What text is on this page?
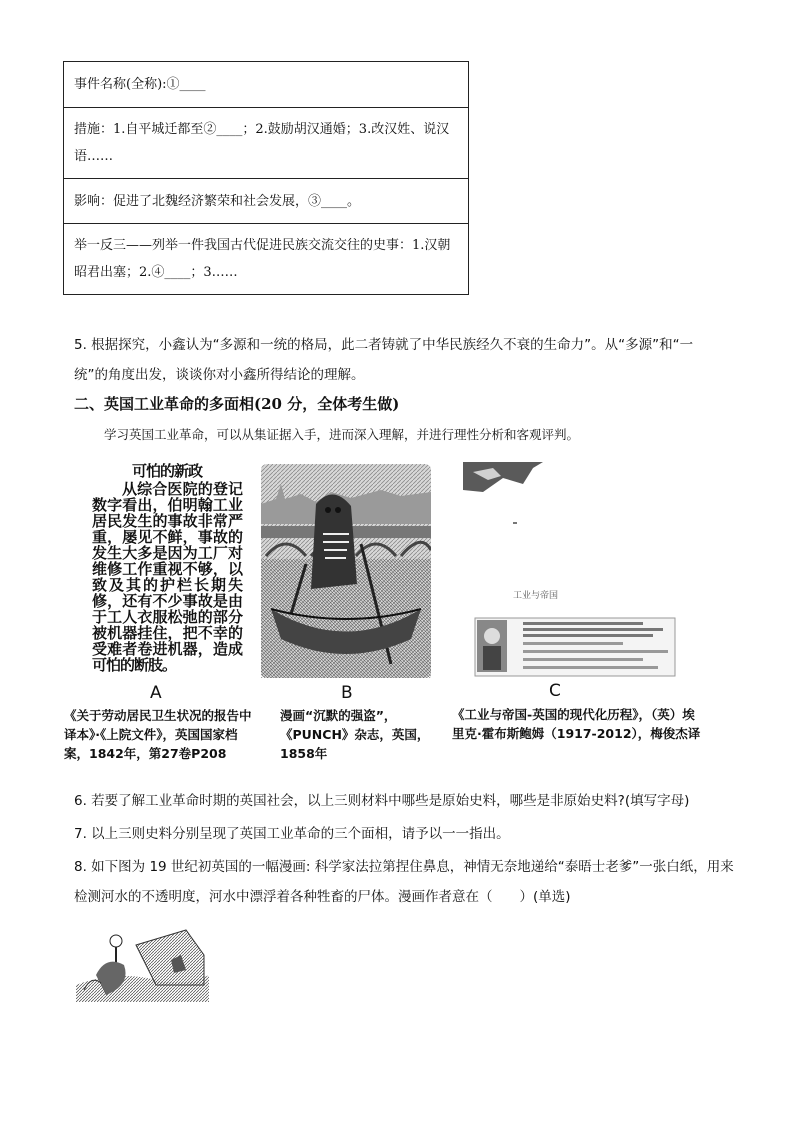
事件名称(全称):①____
措施：1.自平城迁都至②____；2.鼓励胡汉通婚；3.改汉姓、说汉语……
影响：促进了北魏经济繁荣和社会发展，③____。
举一反三——列举一件我国古代促进民族交流交往的史事：1.汉朝昭君出塞；2.④____；3……
5. 根据探究，小鑫认为“多源和一统的格局，此二者铸就了中华民族经久不衰的生命力”。从“多源”和“一统”的角度出发，谈谈你对小鑫所得结论的理解。
二、英国工业革命的多面相(20 分，全体考生做)
学习英国工业革命，可以从集证据入手，进而深入理解，并进行理性分析和客观评判。
可怕的新政
从综合医院的登记数字看出，伯明翰工业居民发生的事故非常严重，屡见不鲜，事故的发生大多是因为工厂对维修工作重视不够，以致及其的护栏长期失修，还有不少事故是由于工人衣服松弛的部分被机器挂住，把不幸的受难者卷进机器，造成可怕的断肢。
A
《关于劳动居民卫生状况的报告中译本》·《上院文件》，英国国家档案，1842年，第27卷P208
B
漫画“沉默的强盗”，《PUNCH》杂志，英国，1858年
工业与帝国
C
《工业与帝国-英国的现代化历程》，（英）埃里克·霍布斯鲍姆（1917-2012），梅俊杰译
6. 若要了解工业革命时期的英国社会，以上三则材料中哪些是原始史料，哪些是非原始史料?(填写字母)
7. 以上三则史料分别呈现了英国工业革命的三个面相，请予以一一指出。
8. 如下图为 19 世纪初英国的一幅漫画: 科学家法拉第捏住鼻息，神情无奈地递给“泰晤士老爹”一张白纸，用来检测河水的不透明度，河水中漂浮着各种牲畜的尸体。漫画作者意在（　　）(单选)
